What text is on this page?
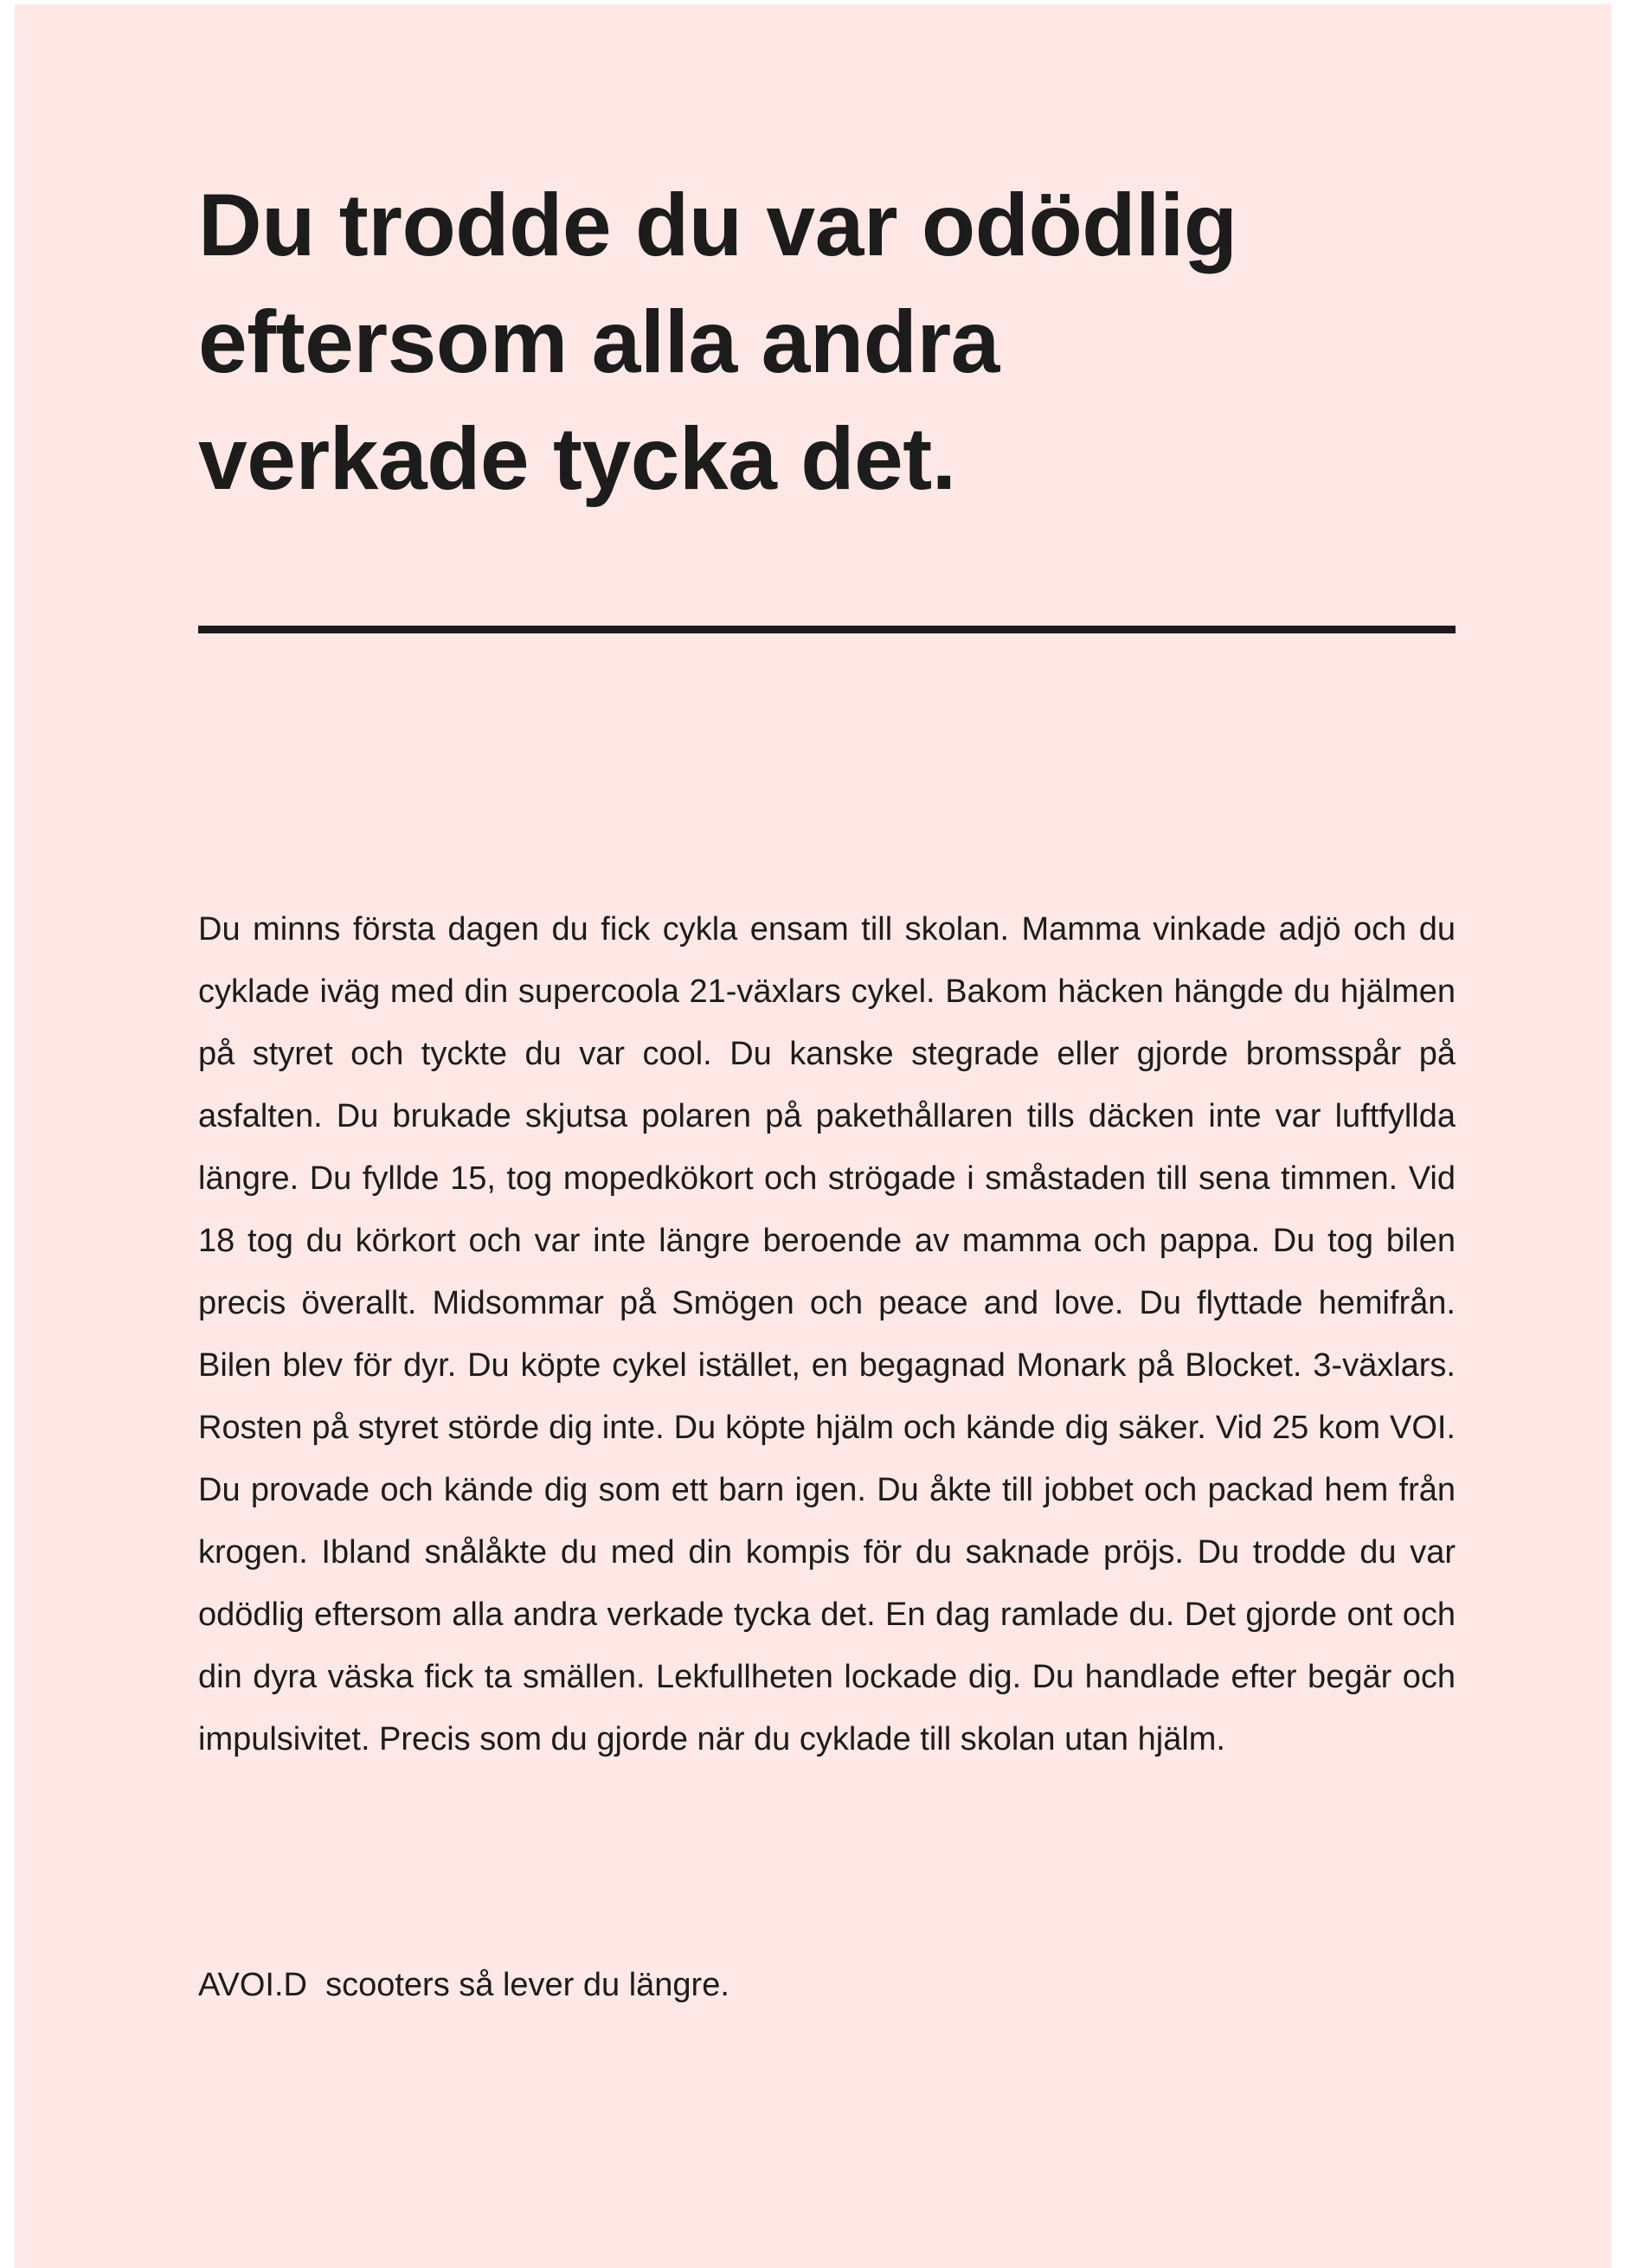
Du trodde du var odödlig
eftersom alla andra
verkade tycka det.

Du minns första dagen du fick cykla ensam till skolan. Mamma vinkade adjö och du cyklade iväg med din supercoola 21-växlars cykel. Bakom häcken hängde du hjälmen på styret och tyckte du var cool. Du kanske stegrade eller gjorde bromsspår på asfalten. Du brukade skjutsa polaren på pakethållaren tills däcken inte var luftfyllda längre. Du fyllde 15, tog mopedkökort och strögade i småstaden till sena timmen. Vid 18 tog du körkort och var inte längre beroende av mamma och pappa. Du tog bilen precis överallt. Midsommar på Smögen och peace and love. Du flyttade hemifrån. Bilen blev för dyr. Du köpte cykel istället, en begagnad Monark på Blocket. 3-växlars. Rosten på styret störde dig inte. Du köpte hjälm och kände dig säker. Vid 25 kom VOI. Du provade och kände dig som ett barn igen. Du åkte till jobbet och packad hem från krogen. Ibland snålåkte du med din kompis för du saknade pröjs. Du trodde du var odödlig eftersom alla andra verkade tycka det. En dag ramlade du. Det gjorde ont och din dyra väska fick ta smällen. Lekfullheten lockade dig. Du handlade efter begär och impulsivitet. Precis som du gjorde när du cyklade till skolan utan hjälm.

AVOI.D  scooters så lever du längre.
